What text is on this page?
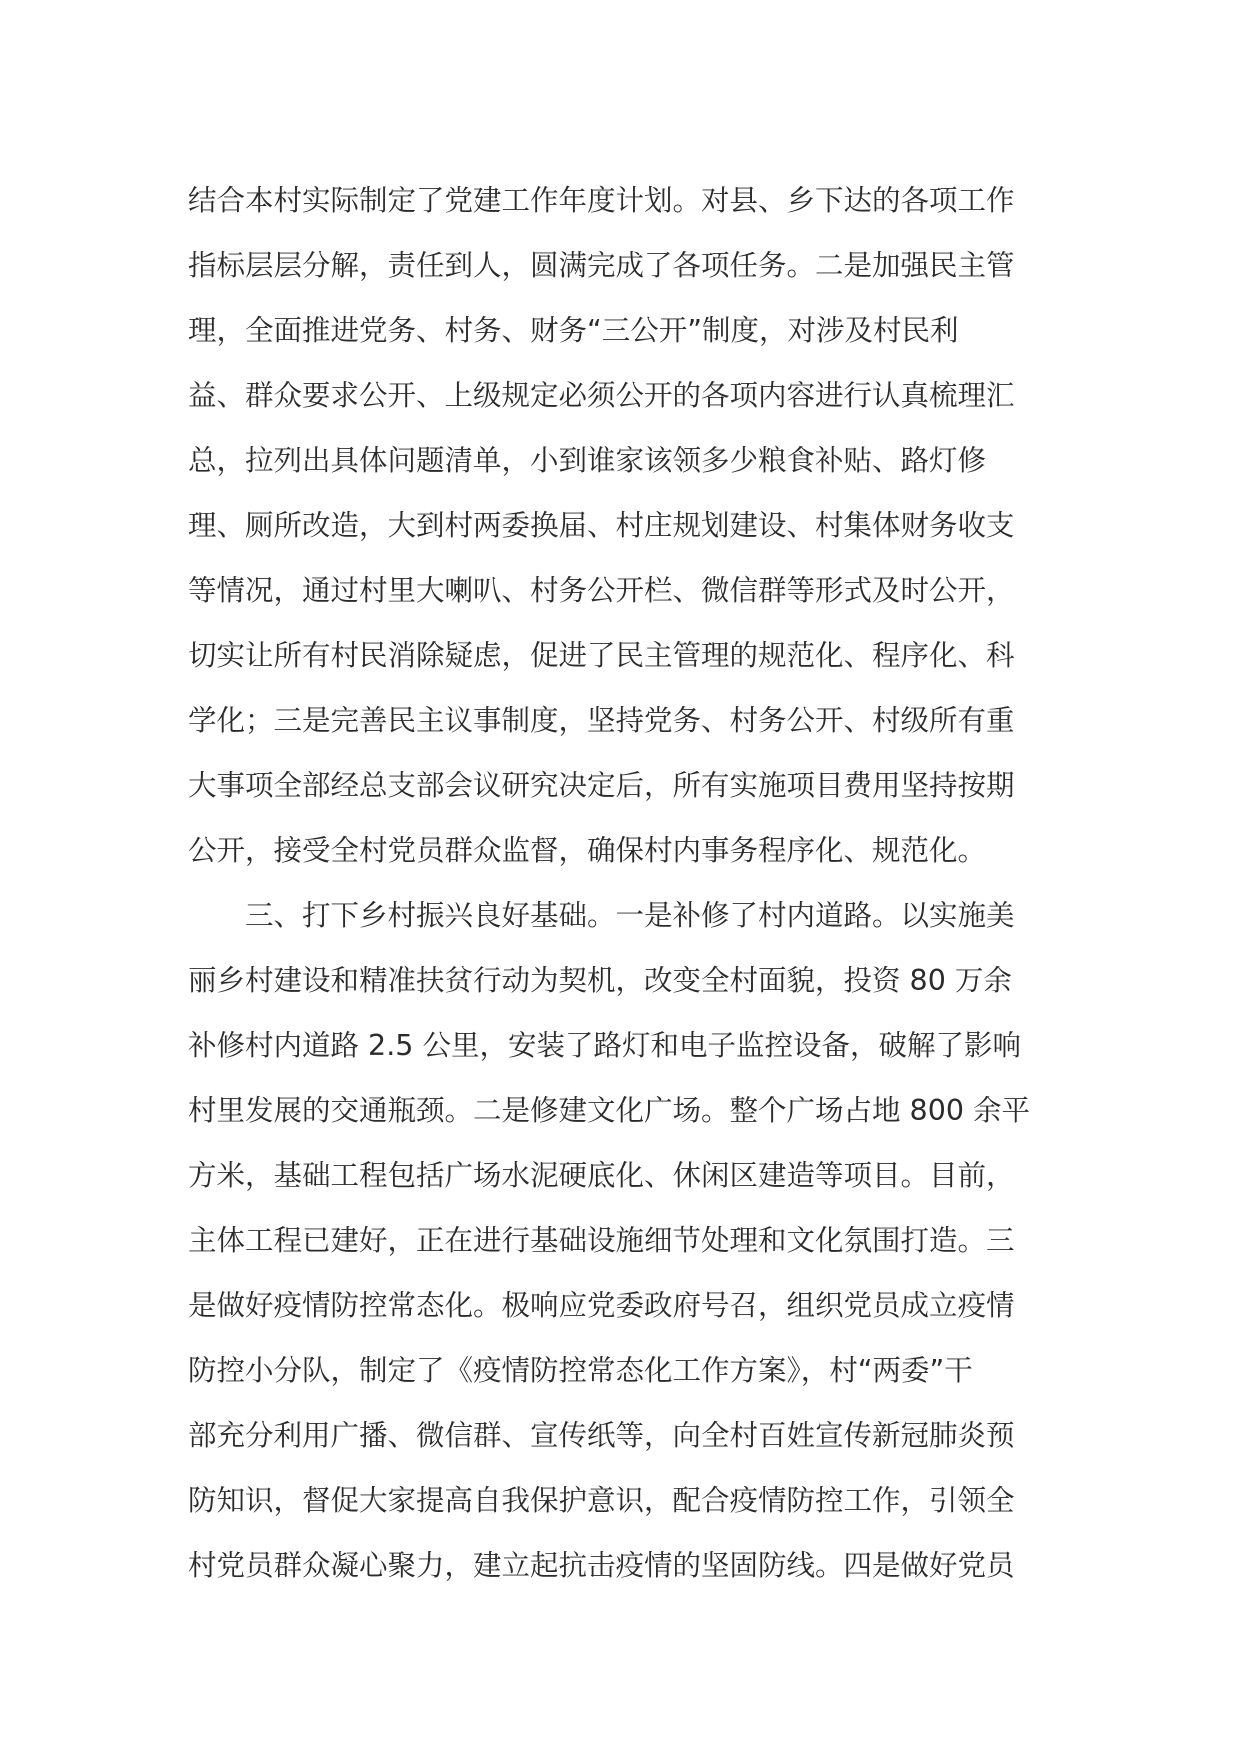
结合本村实际制定了党建工作年度计划。对县、乡下达的各项工作
指标层层分解，责任到人，圆满完成了各项任务。二是加强民主管
理，全面推进党务、村务、财务“三公开”制度，对涉及村民利
益、群众要求公开、上级规定必须公开的各项内容进行认真梳理汇
总，拉列出具体问题清单，小到谁家该领多少粮食补贴、路灯修
理、厕所改造，大到村两委换届、村庄规划建设、村集体财务收支
等情况，通过村里大喇叭、村务公开栏、微信群等形式及时公开，
切实让所有村民消除疑虑，促进了民主管理的规范化、程序化、科
学化；三是完善民主议事制度，坚持党务、村务公开、村级所有重
大事项全部经总支部会议研究决定后，所有实施项目费用坚持按期
公开，接受全村党员群众监督，确保村内事务程序化、规范化。
　　三、打下乡村振兴良好基础。一是补修了村内道路。以实施美
丽乡村建设和精准扶贫行动为契机，改变全村面貌，投资 80 万余
补修村内道路 2.5 公里，安装了路灯和电子监控设备，破解了影响
村里发展的交通瓶颈。二是修建文化广场。整个广场占地 800 余平
方米，基础工程包括广场水泥硬底化、休闲区建造等项目。目前，
主体工程已建好，正在进行基础设施细节处理和文化氛围打造。三
是做好疫情防控常态化。极响应党委政府号召，组织党员成立疫情
防控小分队，制定了《疫情防控常态化工作方案》，村“两委”干
部充分利用广播、微信群、宣传纸等，向全村百姓宣传新冠肺炎预
防知识，督促大家提高自我保护意识，配合疫情防控工作，引领全
村党员群众凝心聚力，建立起抗击疫情的坚固防线。四是做好党员
